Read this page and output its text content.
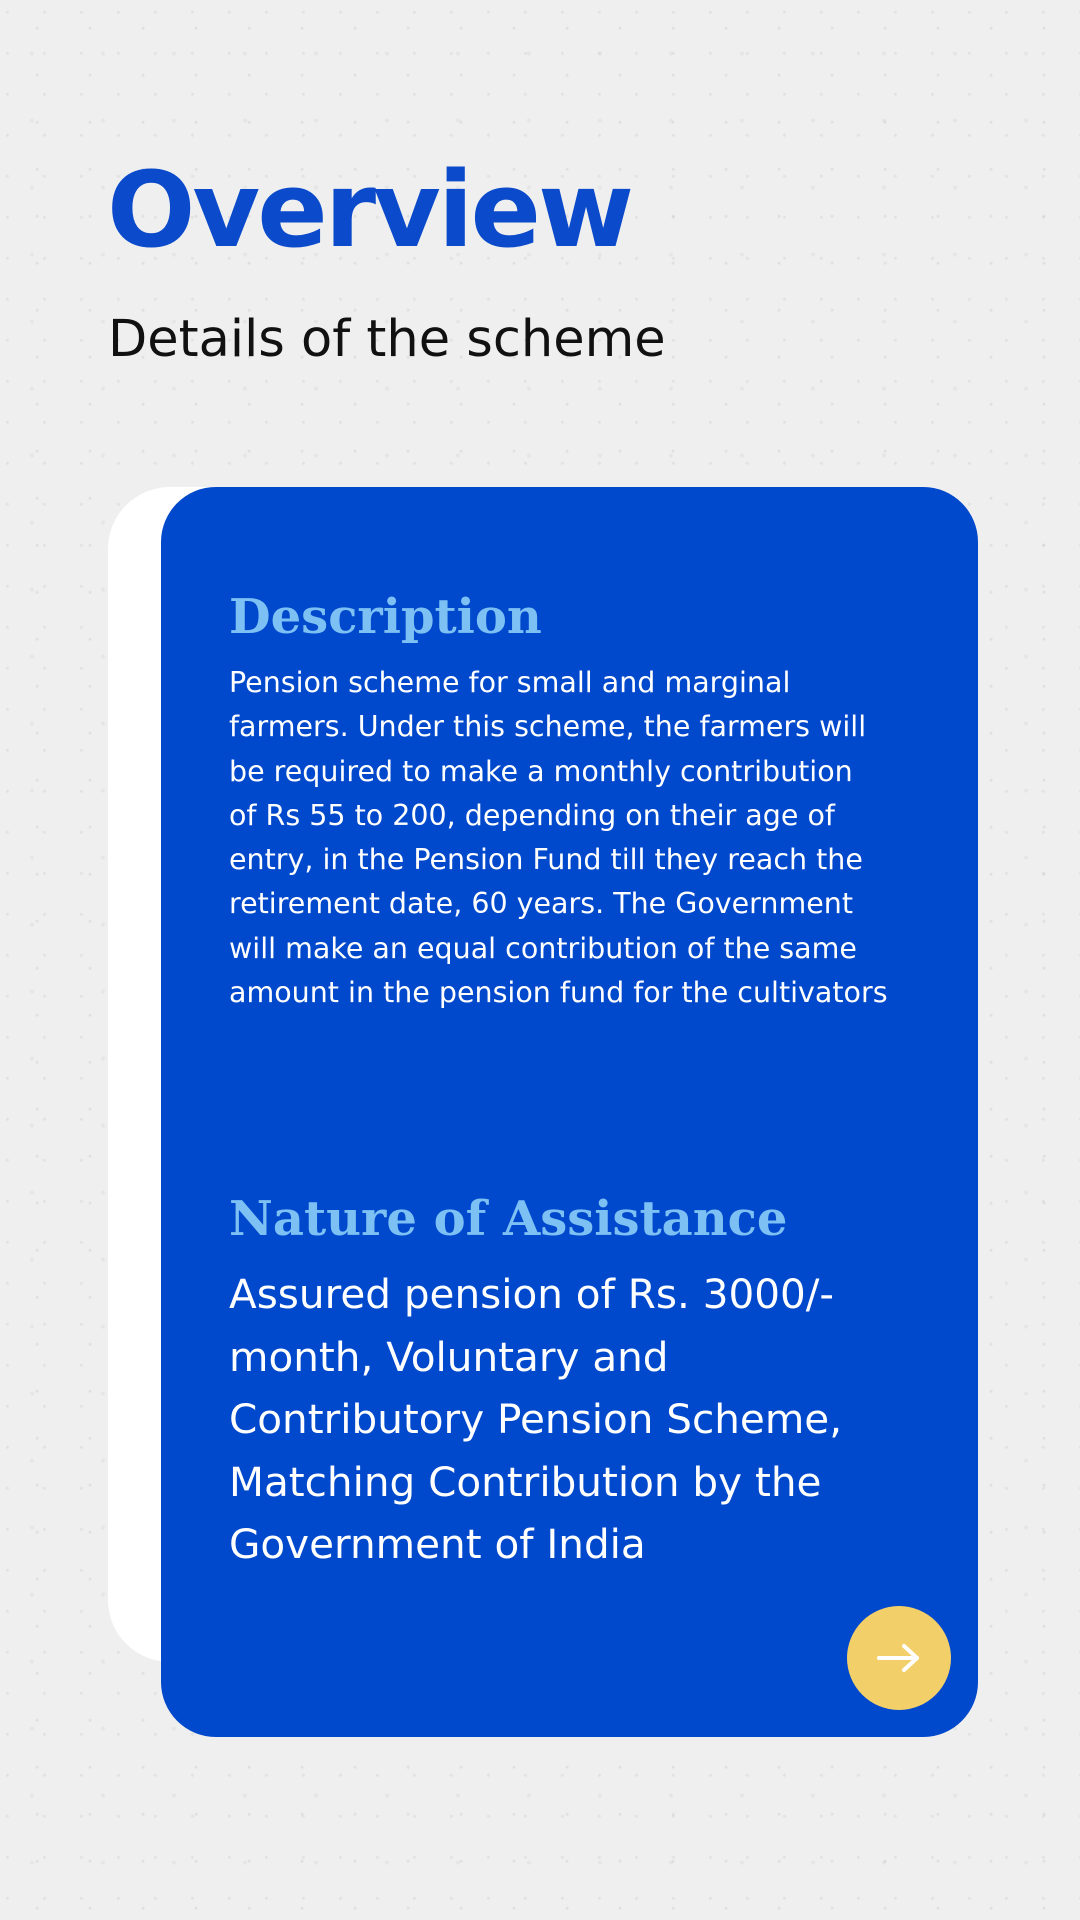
Overview
Details of the scheme
Description

Pension scheme for small and marginal farmers. Under this scheme, the farmers will be required to make a monthly contribution of Rs 55 to 200, depending on their age of entry, in the Pension Fund till they reach the retirement date, 60 years. The Government will make an equal contribution of the same amount in the pension fund for the cultivators

Nature of Assistance

Assured pension of Rs. 3000/- month, Voluntary and Contributory Pension Scheme, Matching Contribution by the Government of India
